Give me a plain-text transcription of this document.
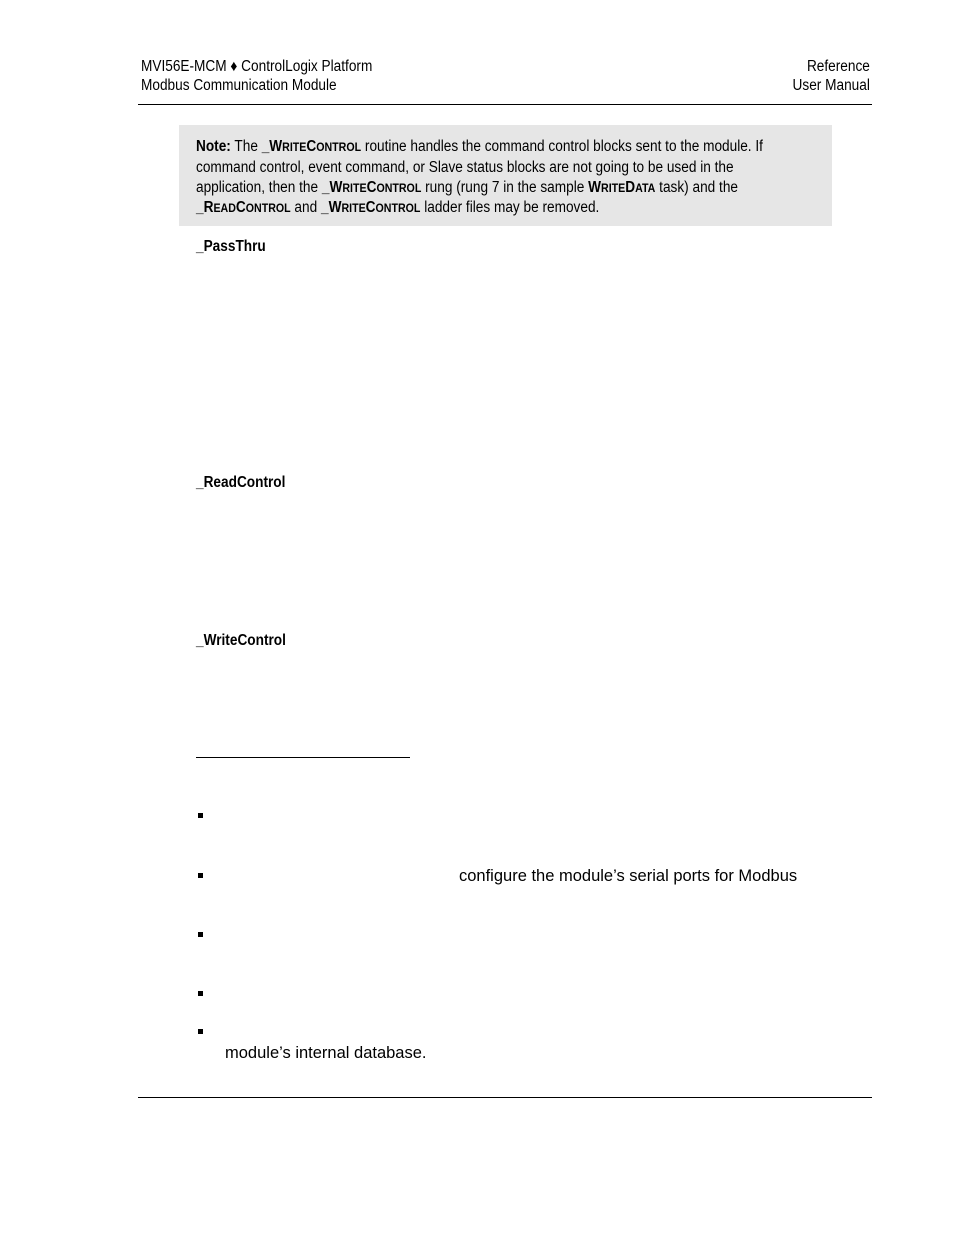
MVI56E-MCM ♦ ControlLogix Platform
Modbus Communication Module
Reference
User Manual
Note: The _WRITECONTROL routine handles the command control blocks sent to the module. If
command control, event command, or Slave status blocks are not going to be used in the
application, then the _WRITECONTROL rung (rung 7 in the sample WRITEDATA task) and the
_READCONTROL and _WRITECONTROL ladder files may be removed.
_PassThru
_ReadControl
_WriteControl
configure the module’s serial ports for Modbus
module’s internal database.
